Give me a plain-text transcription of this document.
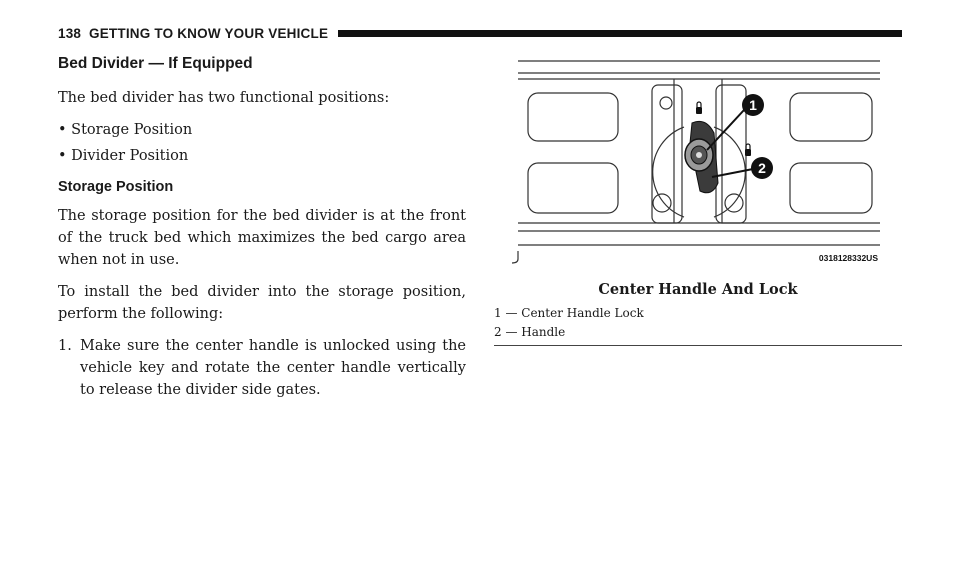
138 GETTING TO KNOW YOUR VEHICLE
Bed Divider — If Equipped

The bed divider has two functional positions:

• Storage Position

• Divider Position

Storage Position

The storage position for the bed divider is at the front of the truck bed which maximizes the bed cargo area when not in use.

To install the bed divider into the storage position, perform the following:

1. Make sure the center handle is unlocked using the vehicle key and rotate the center handle vertically to release the divider side gates.
1
2
0318128332US
Center Handle And Lock
1 — Center Handle Lock
2 — Handle
